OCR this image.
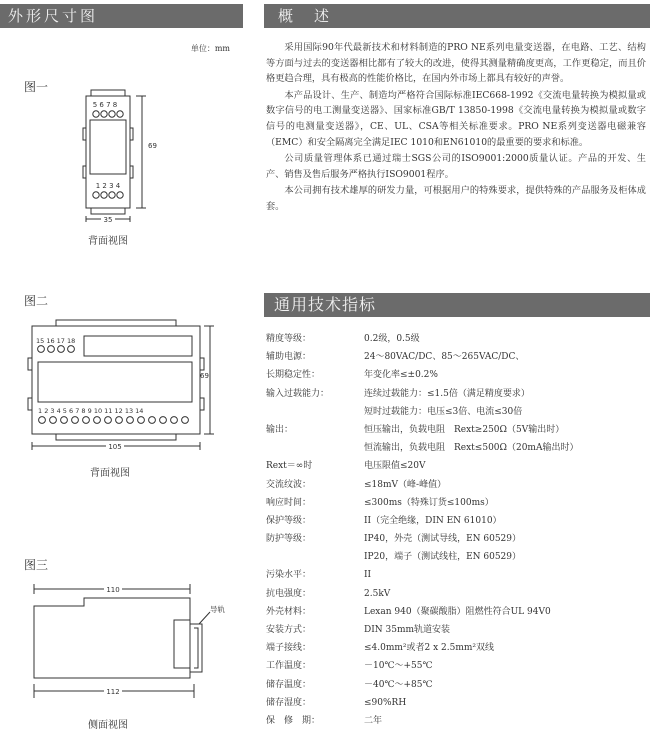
外形尺寸图	概　述
通用技术指标
单位：mm
图一
69
5 6 7 8
1 2 3 4
35
背面视图
图二
69
15 16 17 18
1 2 3 4 5 6 7 8 9 10 11 12 13 14
105
背面视图
图三
110
导轨
112
侧面视图

采用国际90年代最新技术和材料制造的PRO NE系列电量变送器，在电路、工艺、结构等方面与过去的变送器相比都有了较大的改进，使得其测量精确度更高，工作更稳定，而且价格更趋合理，具有极高的性能价格比，在国内外市场上都具有较好的声誉。

本产品设计、生产、制造均严格符合国际标准IEC668-1992《交流电量转换为模拟量或数字信号的电工测量变送器》、国家标准GB/T 13850-1998《交流电量转换为模拟量或数字信号的电测量变送器》，CE、UL、CSA等相关标准要求。PRO NE系列变送器电磁兼容（EMC）和安全隔离完全满足IEC 1010和EN61010的最重要的要求和标准。

公司质量管理体系已通过瑞士SGS公司的ISO9001:2000质量认证。产品的开发、生产、销售及售后服务严格执行ISO9001程序。

本公司拥有技术雄厚的研发力量，可根据用户的特殊要求，提供特殊的产品服务及柜体成套。

精度等级：	0.2级，0.5级
辅助电源：	24～80VAC/DC、85～265VAC/DC、
长期稳定性：	年变化率≤±0.2%
输入过载能力：	连续过载能力：≤1.5倍（满足精度要求）
短时过载能力：电压≤3倍、电流≤30倍
输出：	恒压输出，负载电阻　Rext≥250Ω（5V输出时）
恒流输出，负载电阻　Rext≤500Ω（20mA输出时）
Rext＝∞时	电压限值≤20V
交流纹波：	≤18mV（峰-峰值）
响应时间：	≤300ms（特殊订货≤100ms）
保护等级：	II（完全绝缘，DIN EN 61010）
防护等级：	IP40，外壳（测试导线，EN 60529）
IP20，端子（测试线柱，EN 60529）
污染水平：	II
抗电强度：	2.5kV
外壳材料：	Lexan 940（聚碳酸脂）阻燃性符合UL 94V0
安装方式：	DIN 35mm轨道安装
端子接线：	≤4.0mm²或者2 x 2.5mm²双线
工作温度：	－10℃～+55℃
储存温度：	－40℃～+85℃
储存湿度：	≤90%RH
保　修　期：	二年
